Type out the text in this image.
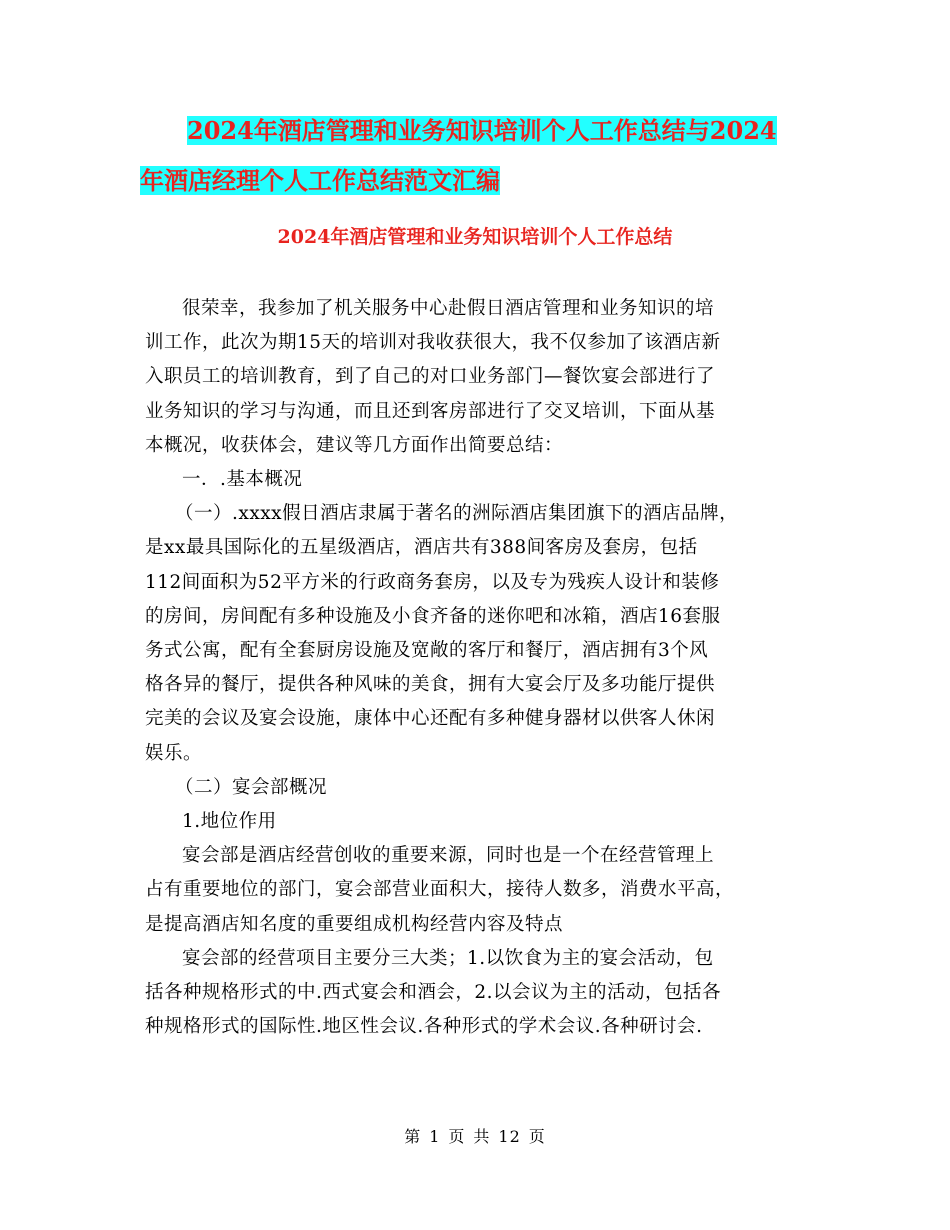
2024年酒店管理和业务知识培训个人工作总结与2024
年酒店经理个人工作总结范文汇编
2024年酒店管理和业务知识培训个人工作总结

很荣幸，我参加了机关服务中心赴假日酒店管理和业务知识的培

训工作，此次为期15天的培训对我收获很大，我不仅参加了该酒店新

入职员工的培训教育，到了自己的对口业务部门—餐饮宴会部进行了

业务知识的学习与沟通，而且还到客房部进行了交叉培训，下面从基

本概况，收获体会，建议等几方面作出简要总结：

一．.基本概况

（一）.xxxx假日酒店隶属于著名的洲际酒店集团旗下的酒店品牌，

是xx最具国际化的五星级酒店，酒店共有388间客房及套房，包括

112间面积为52平方米的行政商务套房，以及专为残疾人设计和装修

的房间，房间配有多种设施及小食齐备的迷你吧和冰箱，酒店16套服

务式公寓，配有全套厨房设施及宽敞的客厅和餐厅，酒店拥有3个风

格各异的餐厅，提供各种风味的美食，拥有大宴会厅及多功能厅提供

完美的会议及宴会设施，康体中心还配有多种健身器材以供客人休闲

娱乐。

（二）宴会部概况

1.地位作用

宴会部是酒店经营创收的重要来源，同时也是一个在经营管理上

占有重要地位的部门，宴会部营业面积大，接待人数多，消费水平高，

是提高酒店知名度的重要组成机构经营内容及特点

宴会部的经营项目主要分三大类；1.以饮食为主的宴会活动，包

括各种规格形式的中.西式宴会和酒会，2.以会议为主的活动，包括各

种规格形式的国际性.地区性会议.各种形式的学术会议.各种研讨会.

第 1 页 共 12 页
